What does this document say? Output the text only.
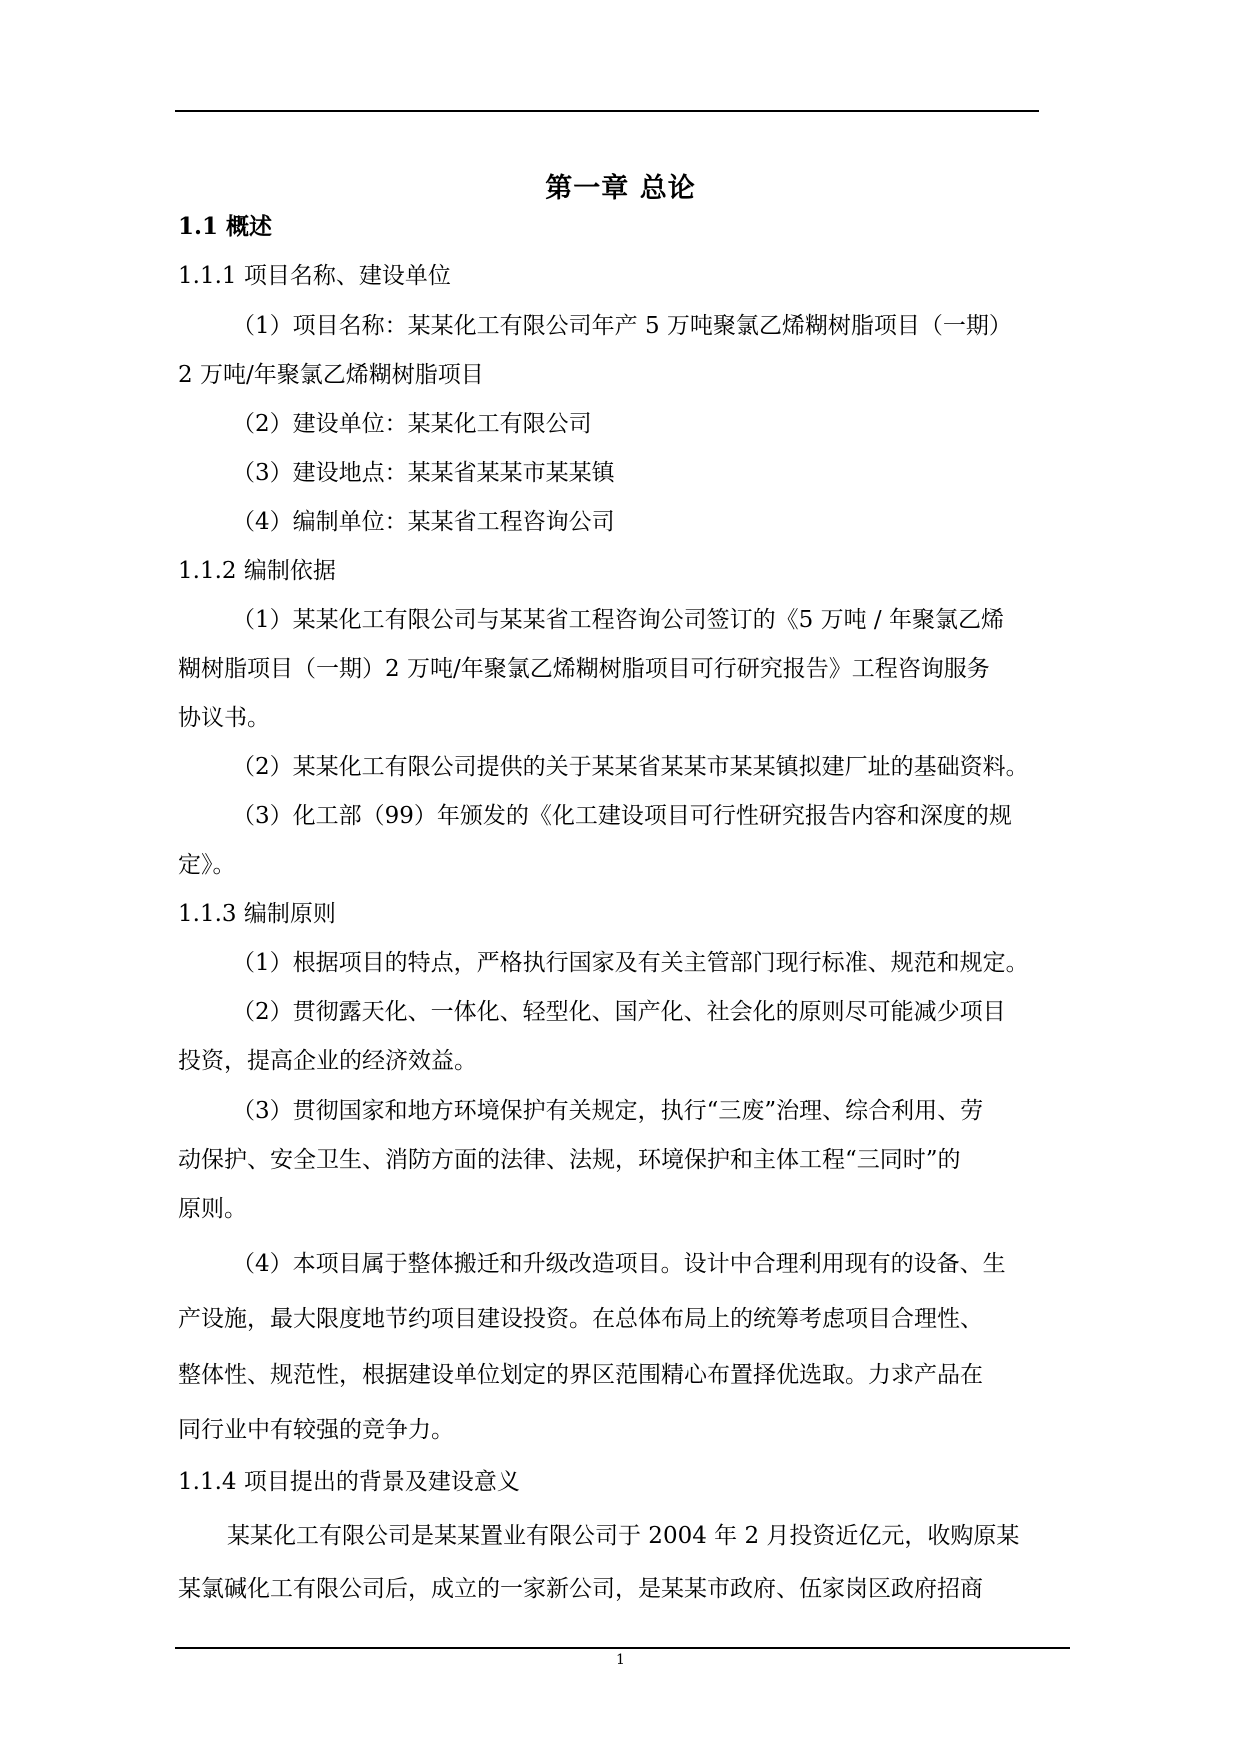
第一章 总论
1.1 概述
1.1.1 项目名称、建设单位
（1）项目名称：某某化工有限公司年产 5 万吨聚氯乙烯糊树脂项目（一期）
2 万吨/年聚氯乙烯糊树脂项目
（2）建设单位：某某化工有限公司
（3）建设地点：某某省某某市某某镇
（4）编制单位：某某省工程咨询公司
1.1.2 编制依据
（1）某某化工有限公司与某某省工程咨询公司签订的《5 万吨 / 年聚氯乙烯
糊树脂项目（一期）2 万吨/年聚氯乙烯糊树脂项目可行研究报告》工程咨询服务
协议书。
（2）某某化工有限公司提供的关于某某省某某市某某镇拟建厂址的基础资料。
（3）化工部（99）年颁发的《化工建设项目可行性研究报告内容和深度的规
定》。
1.1.3 编制原则
（1）根据项目的特点，严格执行国家及有关主管部门现行标准、规范和规定。
（2）贯彻露天化、一体化、轻型化、国产化、社会化的原则尽可能减少项目
投资，提高企业的经济效益。
（3）贯彻国家和地方环境保护有关规定，执行“三废”治理、综合利用、劳
动保护、安全卫生、消防方面的法律、法规，环境保护和主体工程“三同时”的
原则。
（4）本项目属于整体搬迁和升级改造项目。设计中合理利用现有的设备、生
产设施，最大限度地节约项目建设投资。在总体布局上的统筹考虑项目合理性、
整体性、规范性，根据建设单位划定的界区范围精心布置择优选取。力求产品在
同行业中有较强的竞争力。
1.1.4 项目提出的背景及建设意义
某某化工有限公司是某某置业有限公司于 2004 年 2 月投资近亿元，收购原某
某氯碱化工有限公司后，成立的一家新公司，是某某市政府、伍家岗区政府招商
1
